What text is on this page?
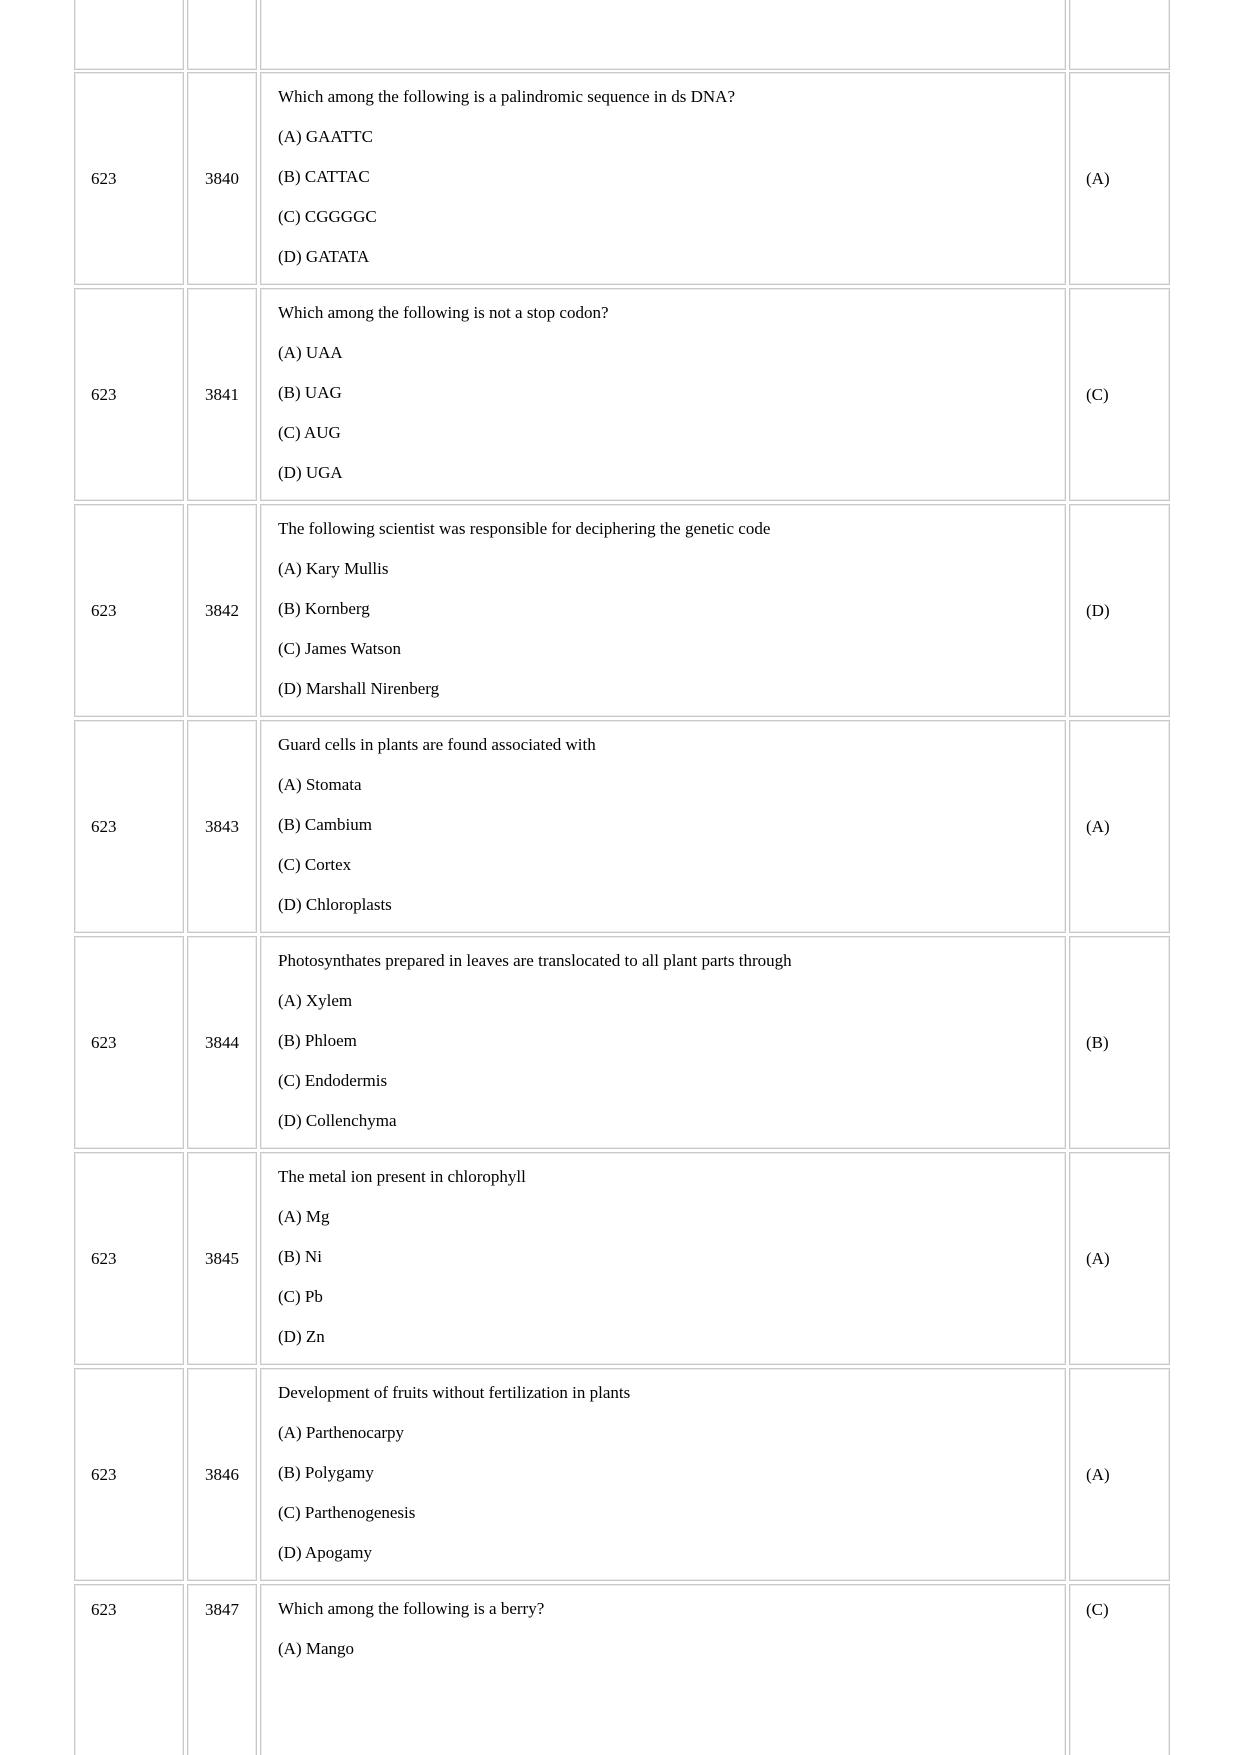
623	3840
Which among the following is a palindromic sequence in ds DNA?
(A) GAATTC
(B) CATTAC
(C) CGGGGC
(D) GATATA
(A)
623	3841
Which among the following is not a stop codon?
(A) UAA
(B) UAG
(C) AUG
(D) UGA
(C)
623	3842
The following scientist was responsible for deciphering the genetic code
(A) Kary Mullis
(B) Kornberg
(C) James Watson
(D) Marshall Nirenberg
(D)
623	3843
Guard cells in plants are found associated with
(A) Stomata
(B) Cambium
(C) Cortex
(D) Chloroplasts
(A)
623	3844
Photosynthates prepared in leaves are translocated to all plant parts through
(A) Xylem
(B) Phloem
(C) Endodermis
(D) Collenchyma
(B)
623	3845
The metal ion present in chlorophyll
(A) Mg
(B) Ni
(C) Pb
(D) Zn
(A)
623	3846
Development of fruits without fertilization in plants
(A) Parthenocarpy
(B) Polygamy
(C) Parthenogenesis
(D) Apogamy
(A)
623	3847	Which among the following is a berry?
(A) Mango
(C)
